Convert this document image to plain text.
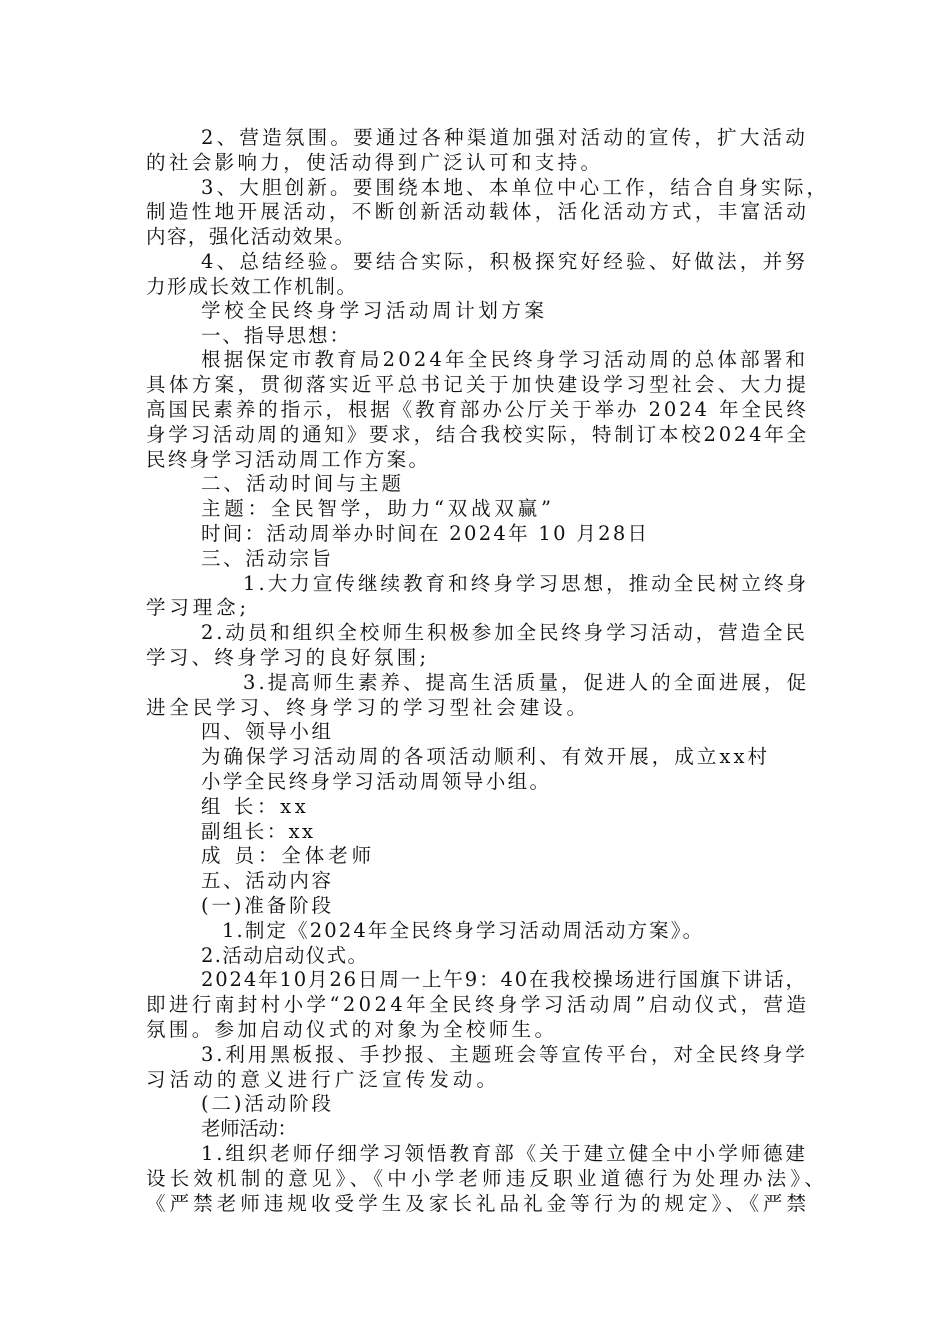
2、营造氛围。要通过各种渠道加强对活动的宣传，扩大活动
的社会影响力，使活动得到广泛认可和支持。
3、大胆创新。要围绕本地、本单位中心工作，结合自身实际，
制造性地开展活动，不断创新活动载体，活化活动方式，丰富活动
内容，强化活动效果。
4、总结经验。要结合实际，积极探究好经验、好做法，并努
力形成长效工作机制。
学校全民终身学习活动周计划方案
一、指导思想：
根据保定市教育局2024年全民终身学习活动周的总体部署和
具体方案，贯彻落实近平总书记关于加快建设学习型社会、大力提
高国民素养的指示，根据《教育部办公厅关于举办 2024 年全民终
身学习活动周的通知》要求，结合我校实际，特制订本校2024年全
民终身学习活动周工作方案。
二、活动时间与主题
主题：全民智学，助力“双战双赢”
时间：活动周举办时间在 2024年 10 月28日
三、活动宗旨
1.大力宣传继续教育和终身学习思想，推动全民树立终身
学习理念;
2.动员和组织全校师生积极参加全民终身学习活动，营造全民
学习、终身学习的良好氛围;
3.提高师生素养、提高生活质量，促进人的全面进展，促
进全民学习、终身学习的学习型社会建设。
四、领导小组
为确保学习活动周的各项活动顺利、有效开展，成立xx村
小学全民终身学习活动周领导小组。
组 长：xx
副组长：xx
成 员：全体老师
五、活动内容
(一)准备阶段
1.制定《2024年全民终身学习活动周活动方案》。
2.活动启动仪式。
2024年10月26日周一上午9：40在我校操场进行国旗下讲话，
即进行南封村小学“2024年全民终身学习活动周”启动仪式，营造
氛围。参加启动仪式的对象为全校师生。
3.利用黑板报、手抄报、主题班会等宣传平台，对全民终身学
习活动的意义进行广泛宣传发动。
(二)活动阶段
老师活动：
1.组织老师仔细学习领悟教育部《关于建立健全中小学师德建
设长效机制的意见》、《中小学老师违反职业道德行为处理办法》、
《严禁老师违规收受学生及家长礼品礼金等行为的规定》、《严禁
